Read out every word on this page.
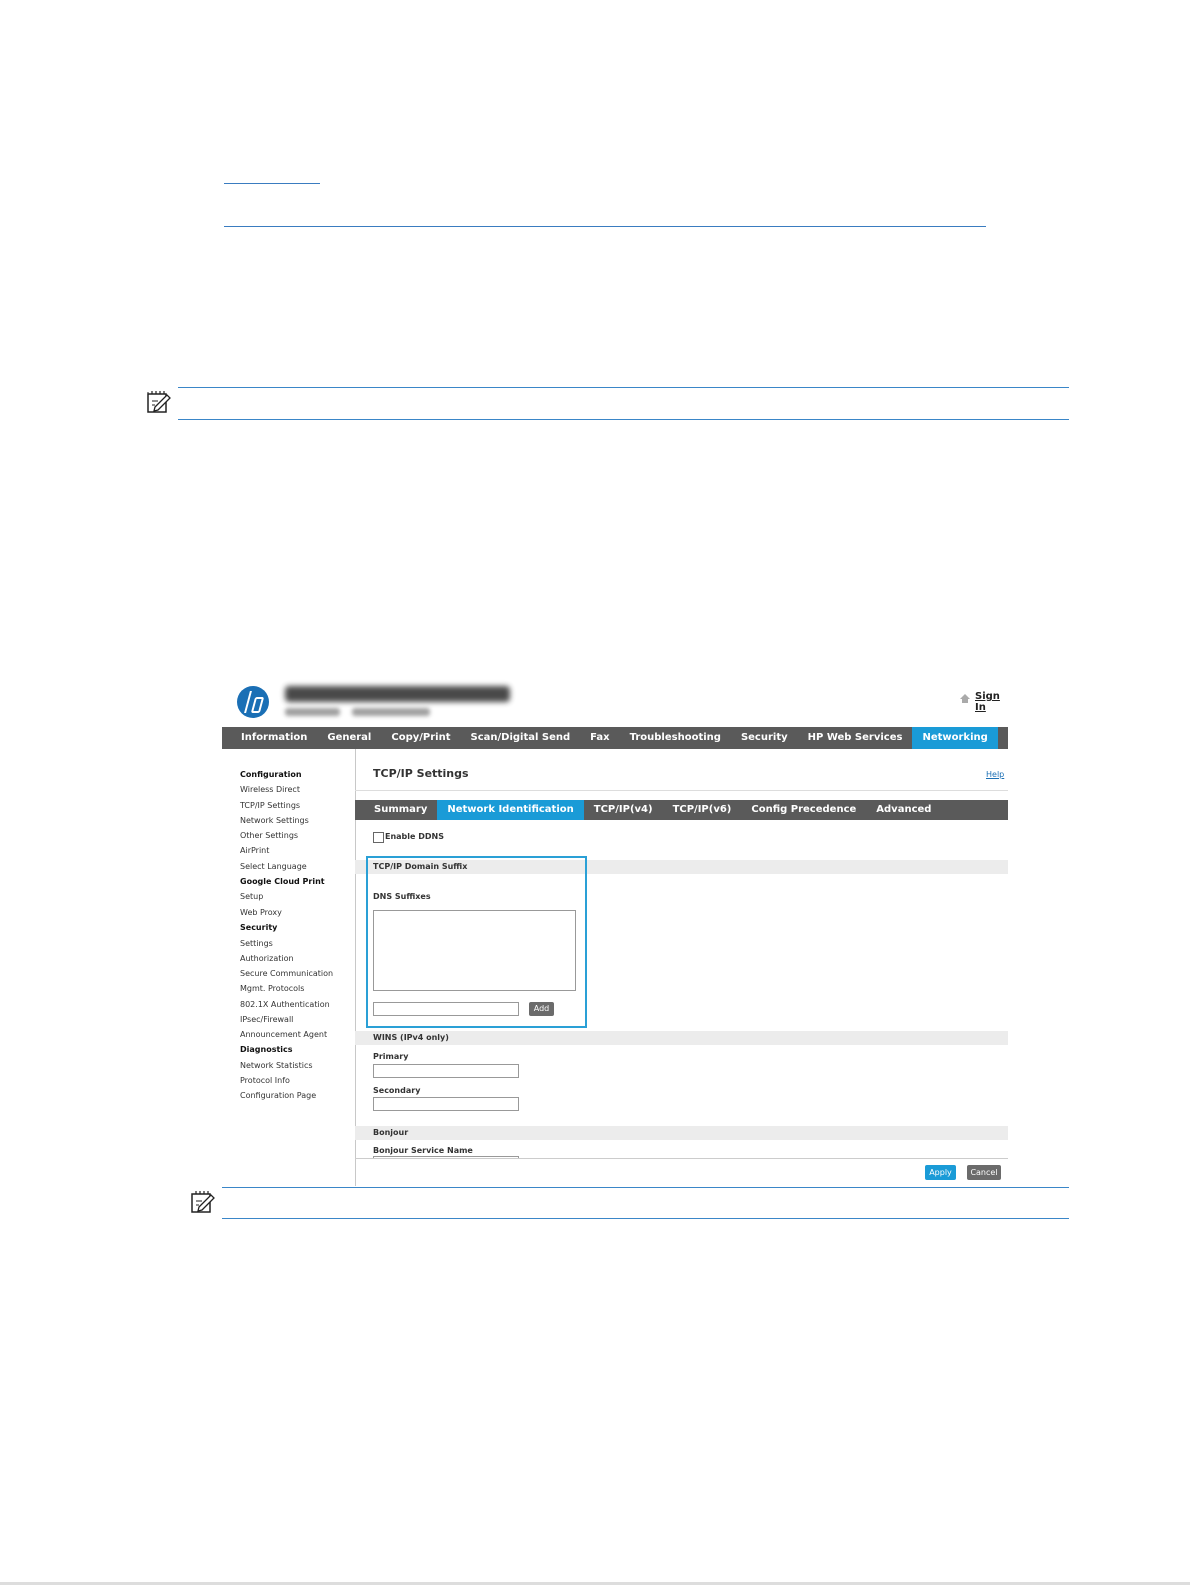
Sign In
Information	General	Copy/Print	Scan/Digital Send	Fax	Troubleshooting	Security	HP Web Services	Networking
Configuration
Wireless Direct
TCP/IP Settings
Network Settings
Other Settings
AirPrint
Select Language
Google Cloud Print
Setup
Web Proxy
Security
Settings
Authorization
Secure Communication
Mgmt. Protocols
802.1X Authentication
IPsec/Firewall
Announcement Agent
Diagnostics
Network Statistics
Protocol Info
Configuration Page
TCP/IP Settings	Help
Summary	Network Identification	TCP/IP(v4)	TCP/IP(v6)	Config Precedence	Advanced
Enable DDNS
TCP/IP Domain Suffix
DNS Suffixes
Add
WINS (IPv4 only)
Primary
Secondary
Bonjour
Bonjour Service Name
Apply	Cancel
